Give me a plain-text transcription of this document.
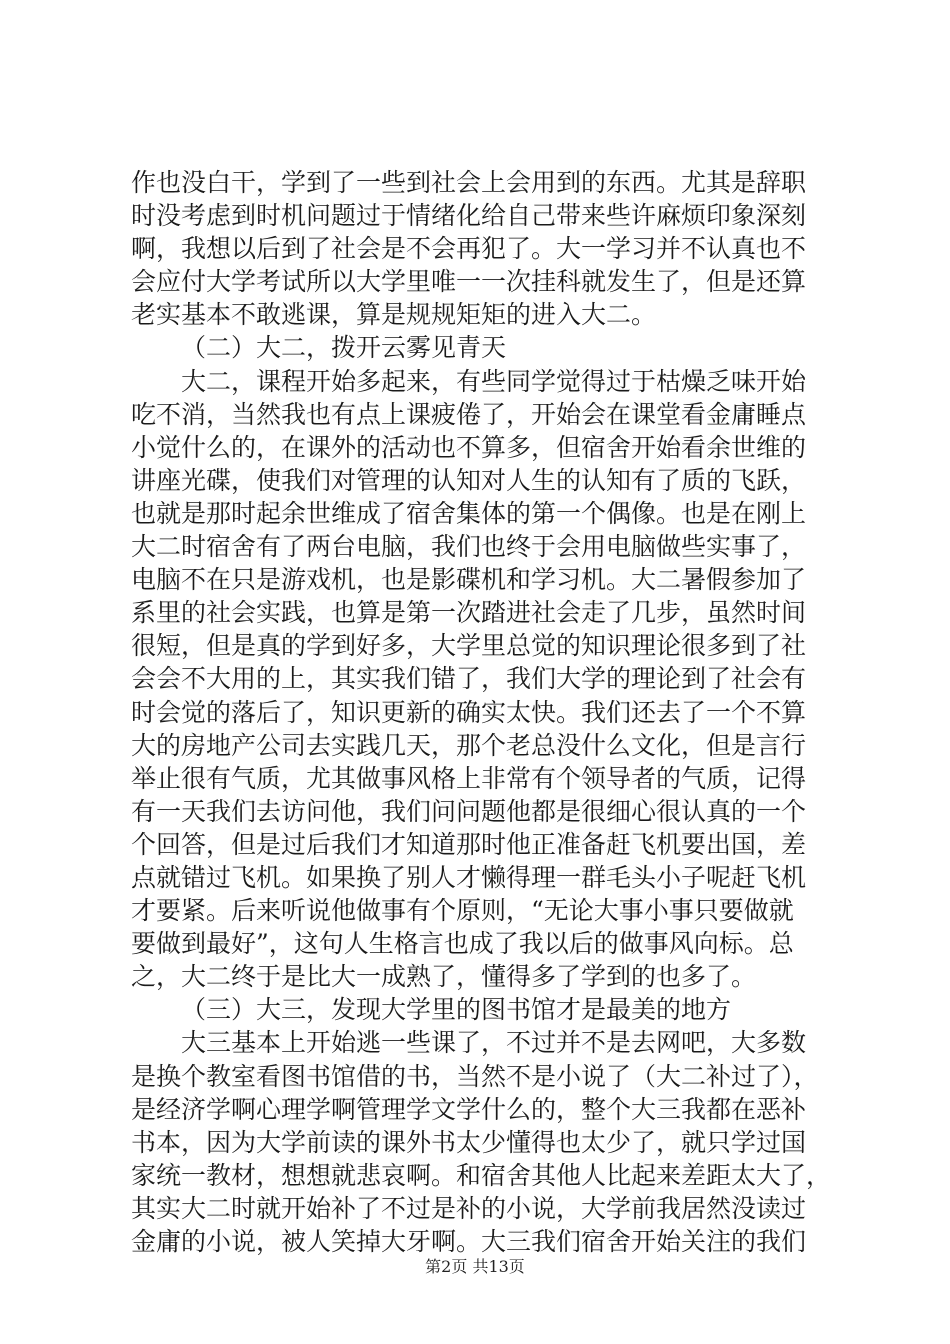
作也没白干，学到了一些到社会上会用到的东西。尤其是辞职
时没考虑到时机问题过于情绪化给自己带来些许麻烦印象深刻
啊，我想以后到了社会是不会再犯了。大一学习并不认真也不
会应付大学考试所以大学里唯一一次挂科就发生了，但是还算
老实基本不敢逃课，算是规规矩矩的进入大二。
（二）大二，拨开云雾见青天
大二，课程开始多起来，有些同学觉得过于枯燥乏味开始
吃不消，当然我也有点上课疲倦了，开始会在课堂看金庸睡点
小觉什么的，在课外的活动也不算多，但宿舍开始看余世维的
讲座光碟，使我们对管理的认知对人生的认知有了质的飞跃，
也就是那时起余世维成了宿舍集体的第一个偶像。也是在刚上
大二时宿舍有了两台电脑，我们也终于会用电脑做些实事了，
电脑不在只是游戏机，也是影碟机和学习机。大二暑假参加了
系里的社会实践，也算是第一次踏进社会走了几步，虽然时间
很短，但是真的学到好多，大学里总觉的知识理论很多到了社
会会不大用的上，其实我们错了，我们大学的理论到了社会有
时会觉的落后了，知识更新的确实太快。我们还去了一个不算
大的房地产公司去实践几天，那个老总没什么文化，但是言行
举止很有气质，尤其做事风格上非常有个领导者的气质，记得
有一天我们去访问他，我们问问题他都是很细心很认真的一个
个回答，但是过后我们才知道那时他正准备赶飞机要出国，差
点就错过飞机。如果换了别人才懒得理一群毛头小子呢赶飞机
才要紧。后来听说他做事有个原则，“无论大事小事只要做就
要做到最好”，这句人生格言也成了我以后的做事风向标。总
之，大二终于是比大一成熟了，懂得多了学到的也多了。
（三）大三，发现大学里的图书馆才是最美的地方
大三基本上开始逃一些课了，不过并不是去网吧，大多数
是换个教室看图书馆借的书，当然不是小说了（大二补过了），
是经济学啊心理学啊管理学文学什么的，整个大三我都在恶补
书本，因为大学前读的课外书太少懂得也太少了，就只学过国
家统一教材，想想就悲哀啊。和宿舍其他人比起来差距太大了，
其实大二时就开始补了不过是补的小说，大学前我居然没读过
金庸的小说，被人笑掉大牙啊。大三我们宿舍开始关注的我们
第2页 共13页
